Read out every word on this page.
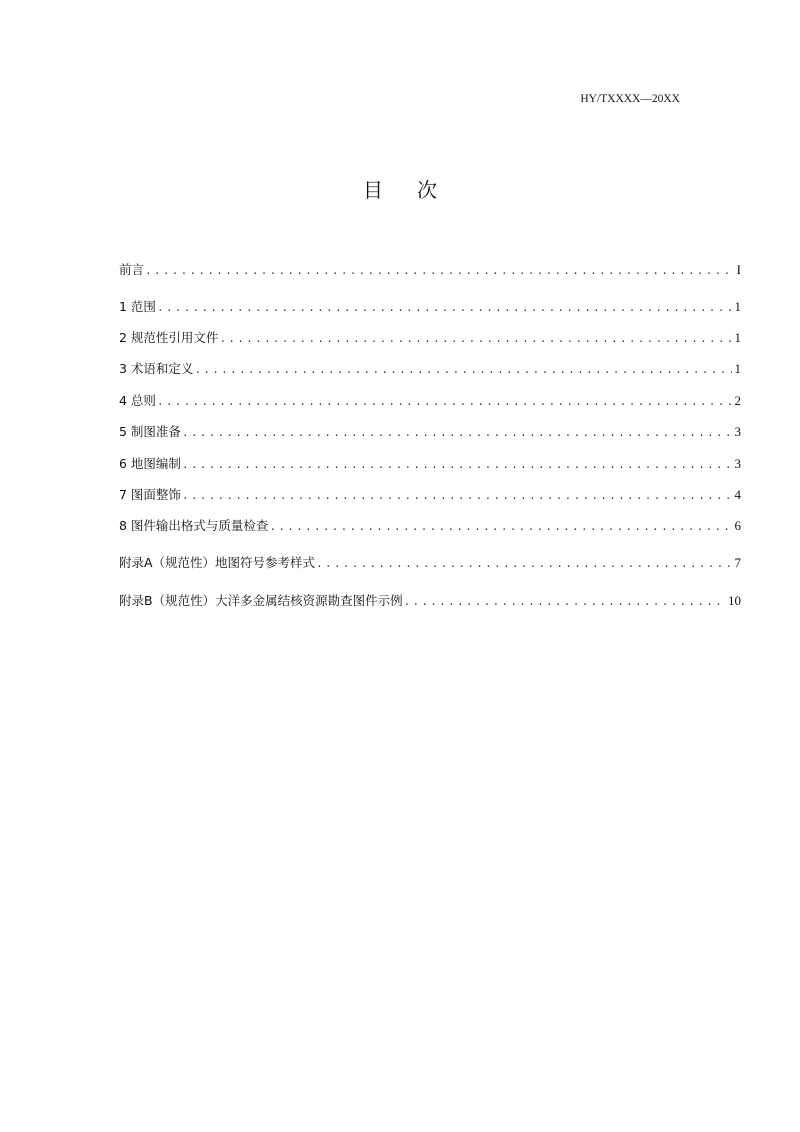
HY/TXXXX—20XX
目 次
前言 .....	I
1 范围 .....	1
2 规范性引用文件 .....	1
3 术语和定义 .....	1
4 总则 .....	2
5 制图准备 .....	3
6 地图编制 .....	3
7 图面整饰 .....	4
8 图件输出格式与质量检查 .....	6
附录A（规范性）地图符号参考样式 .....	7
附录B（规范性）大洋多金属结核资源勘查图件示例 .....	10
